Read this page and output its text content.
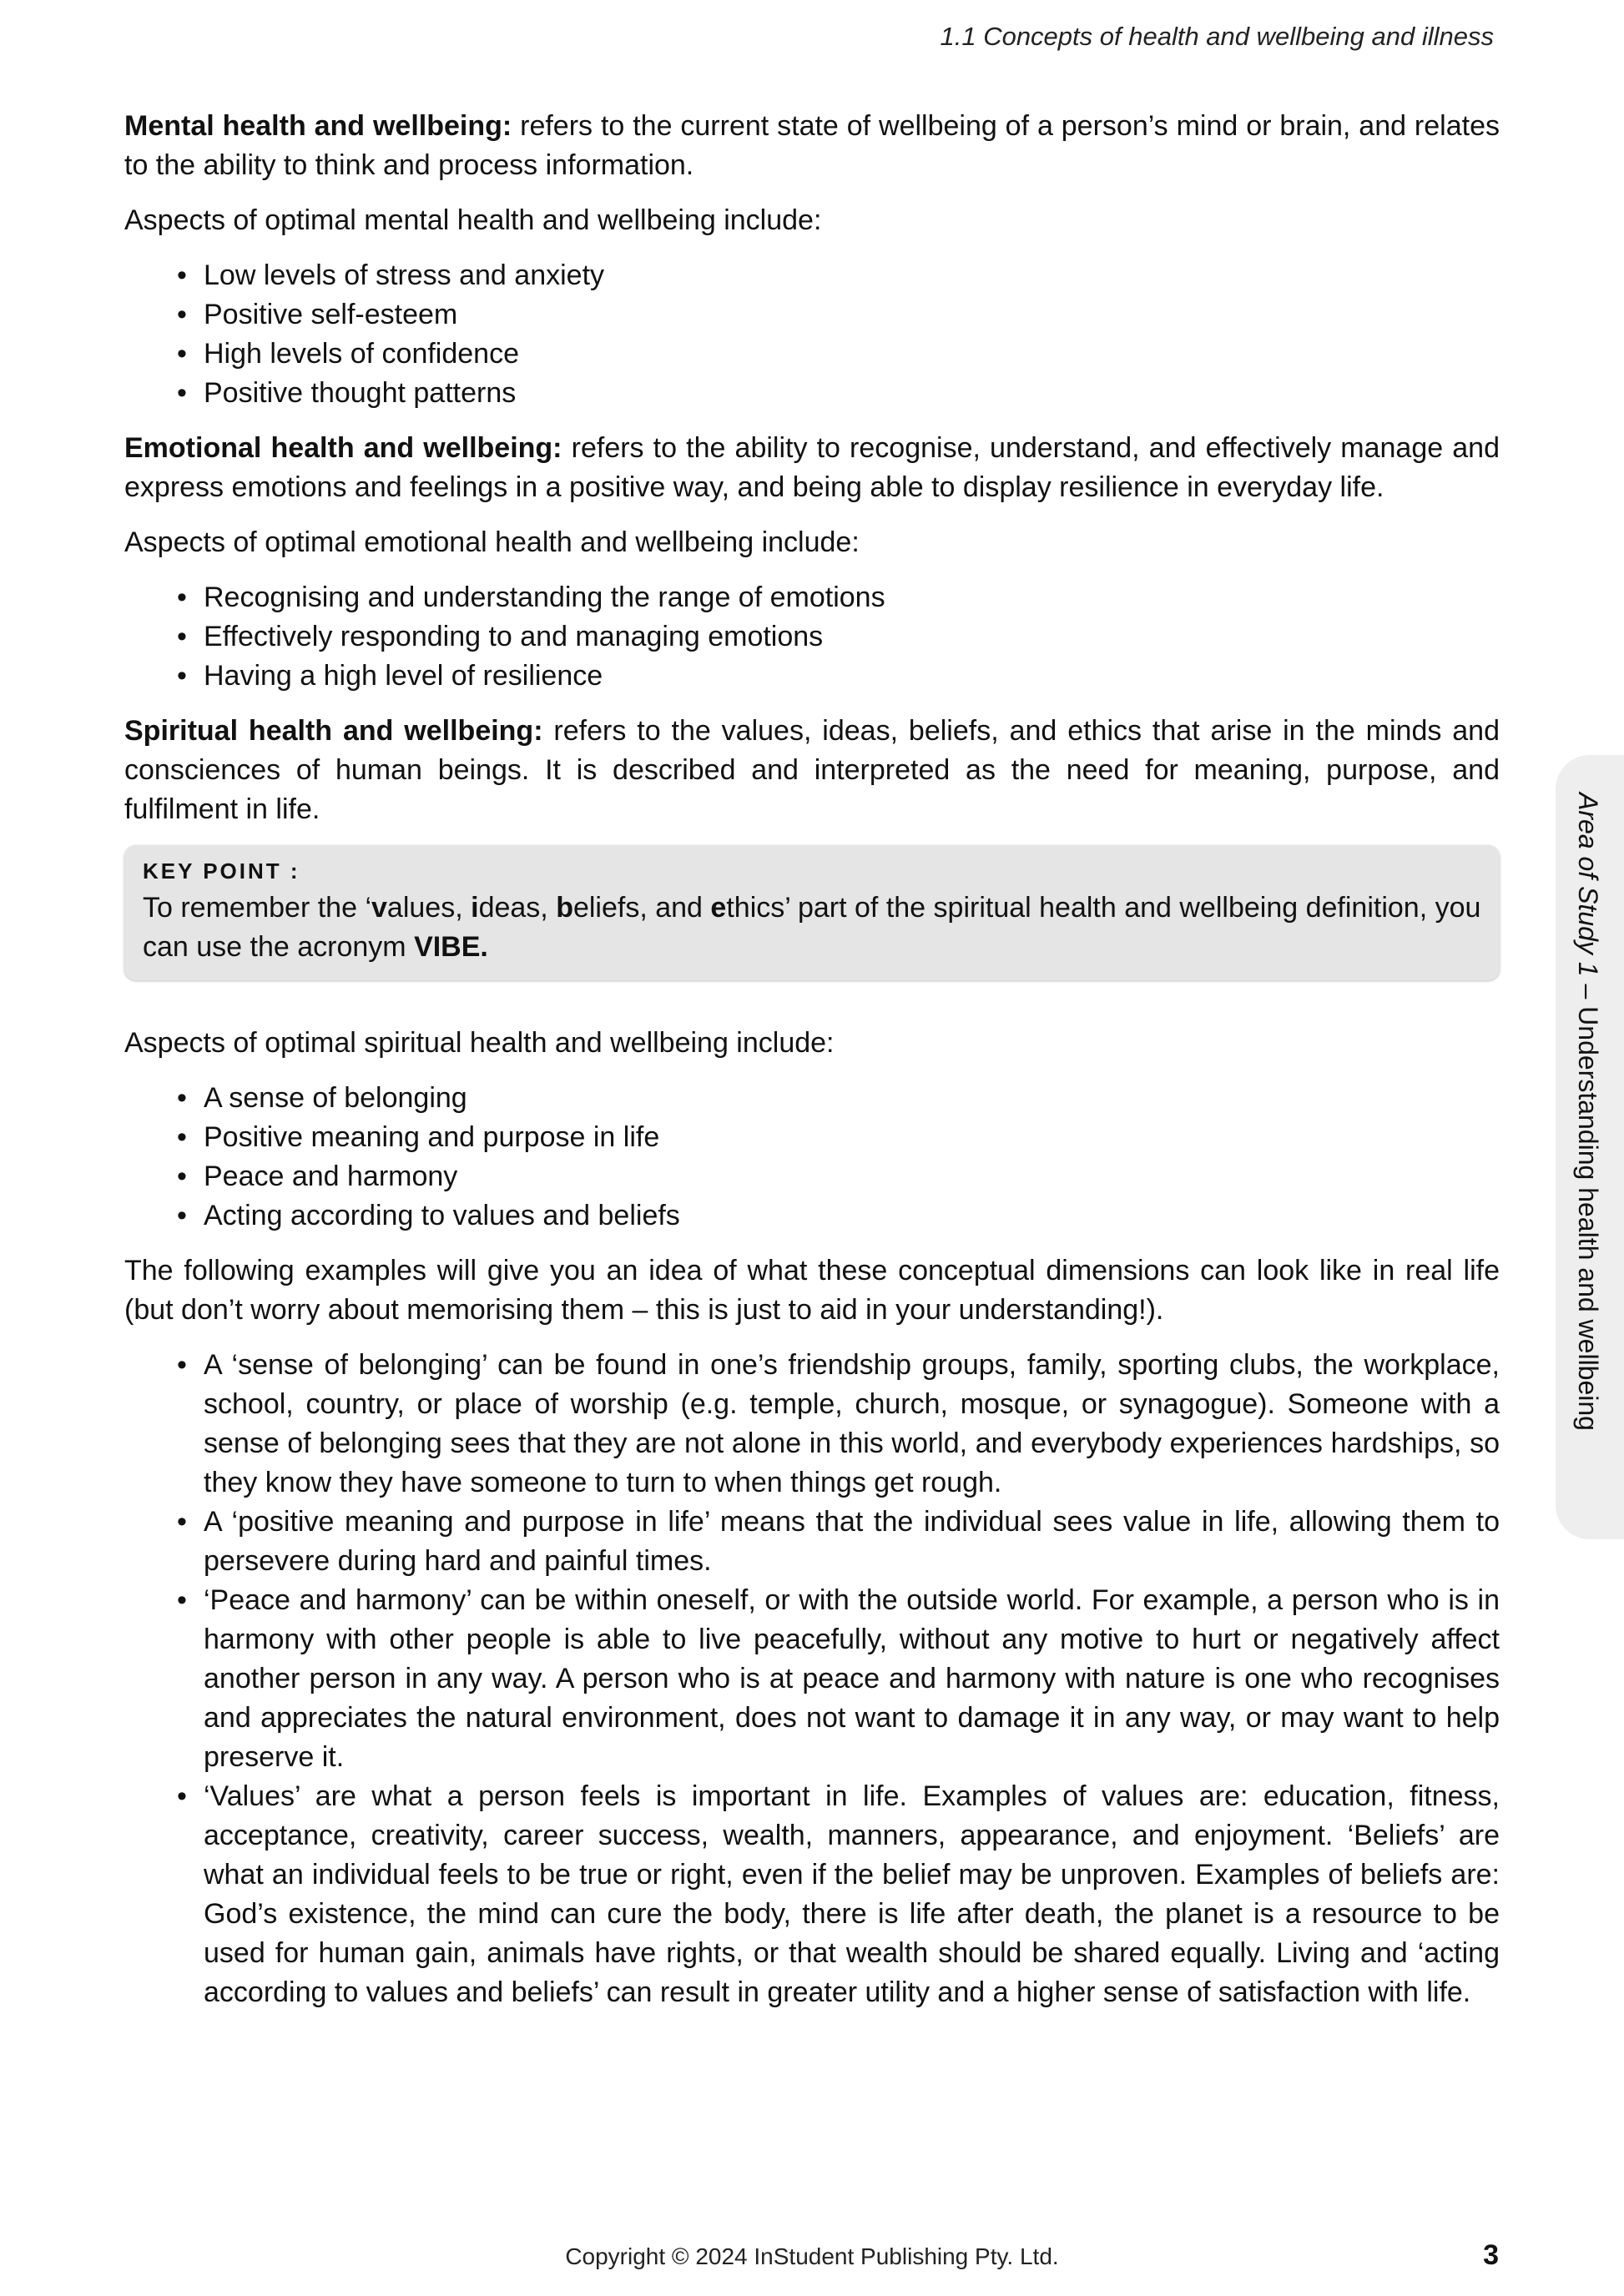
1.1 Concepts of health and wellbeing and illness

Mental health and wellbeing: refers to the current state of wellbeing of a person’s mind or brain, and relates to the ability to think and process information.

Aspects of optimal mental health and wellbeing include:

• Low levels of stress and anxiety
• Positive self-esteem
• High levels of confidence
• Positive thought patterns

Emotional health and wellbeing: refers to the ability to recognise, understand, and effectively manage and express emotions and feelings in a positive way, and being able to display resilience in everyday life.

Aspects of optimal emotional health and wellbeing include:

• Recognising and understanding the range of emotions
• Effectively responding to and managing emotions
• Having a high level of resilience

Spiritual health and wellbeing: refers to the values, ideas, beliefs, and ethics that arise in the minds and consciences of human beings. It is described and interpreted as the need for meaning, purpose, and fulfilment in life.

KEY POINT :
To remember the ‘values, ideas, beliefs, and ethics’ part of the spiritual health and wellbeing definition, you can use the acronym VIBE.

Aspects of optimal spiritual health and wellbeing include:

• A sense of belonging
• Positive meaning and purpose in life
• Peace and harmony
• Acting according to values and beliefs

The following examples will give you an idea of what these conceptual dimensions can look like in real life (but don’t worry about memorising them – this is just to aid in your understanding!).

• A ‘sense of belonging’ can be found in one’s friendship groups, family, sporting clubs, the workplace, school, country, or place of worship (e.g. temple, church, mosque, or synagogue). Someone with a sense of belonging sees that they are not alone in this world, and everybody experiences hardships, so they know they have someone to turn to when things get rough.
• A ‘positive meaning and purpose in life’ means that the individual sees value in life, allowing them to persevere during hard and painful times.
• ‘Peace and harmony’ can be within oneself, or with the outside world. For example, a person who is in harmony with other people is able to live peacefully, without any motive to hurt or negatively affect another person in any way. A person who is at peace and harmony with nature is one who recognises and appreciates the natural environment, does not want to damage it in any way, or may want to help preserve it.
• ‘Values’ are what a person feels is important in life. Examples of values are: education, fitness, acceptance, creativity, career success, wealth, manners, appearance, and enjoyment. ‘Beliefs’ are what an individual feels to be true or right, even if the belief may be unproven. Examples of beliefs are: God’s existence, the mind can cure the body, there is life after death, the planet is a resource to be used for human gain, animals have rights, or that wealth should be shared equally. Living and ‘acting according to values and beliefs’ can result in greater utility and a higher sense of satisfaction with life.
Area of Study 1 – Understanding health and wellbeing
Copyright © 2024 InStudent Publishing Pty. Ltd.	3
